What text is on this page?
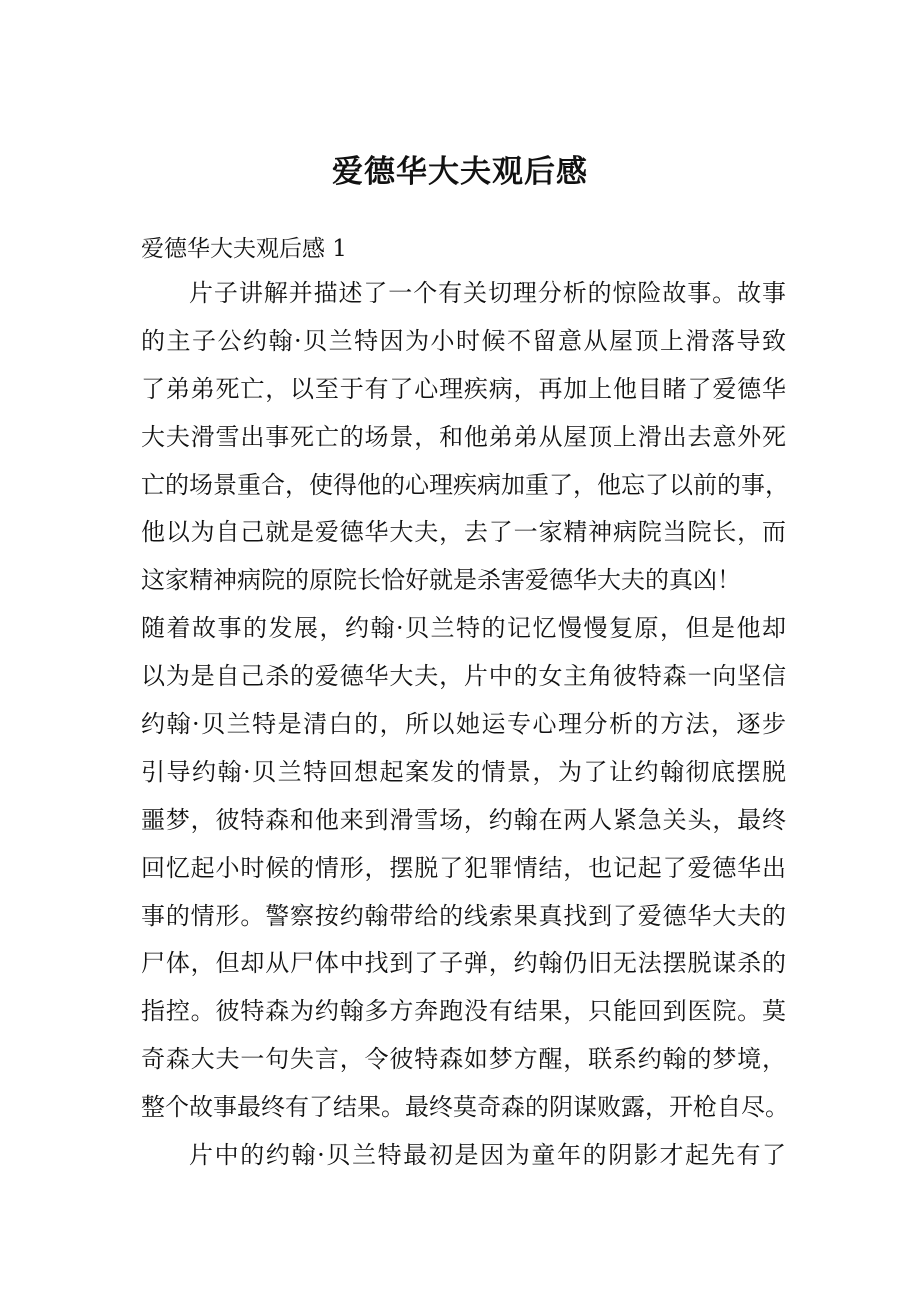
爱德华大夫观后感
爱德华大夫观后感 1
片子讲解并描述了一个有关切理分析的惊险故事。故事
的主子公约翰·贝兰特因为小时候不留意从屋顶上滑落导致
了弟弟死亡，以至于有了心理疾病，再加上他目睹了爱德华
大夫滑雪出事死亡的场景，和他弟弟从屋顶上滑出去意外死
亡的场景重合，使得他的心理疾病加重了，他忘了以前的事，
他以为自己就是爱德华大夫，去了一家精神病院当院长，而
这家精神病院的原院长恰好就是杀害爱德华大夫的真凶！
随着故事的发展，约翰·贝兰特的记忆慢慢复原，但是他却
以为是自己杀的爱德华大夫，片中的女主角彼特森一向坚信
约翰·贝兰特是清白的，所以她运专心理分析的方法，逐步
引导约翰·贝兰特回想起案发的情景，为了让约翰彻底摆脱
噩梦，彼特森和他来到滑雪场，约翰在两人紧急关头，最终
回忆起小时候的情形，摆脱了犯罪情结，也记起了爱德华出
事的情形。警察按约翰带给的线索果真找到了爱德华大夫的
尸体，但却从尸体中找到了子弹，约翰仍旧无法摆脱谋杀的
指控。彼特森为约翰多方奔跑没有结果，只能回到医院。莫
奇森大夫一句失言，令彼特森如梦方醒，联系约翰的梦境，
整个故事最终有了结果。最终莫奇森的阴谋败露，开枪自尽。
片中的约翰·贝兰特最初是因为童年的阴影才起先有了
